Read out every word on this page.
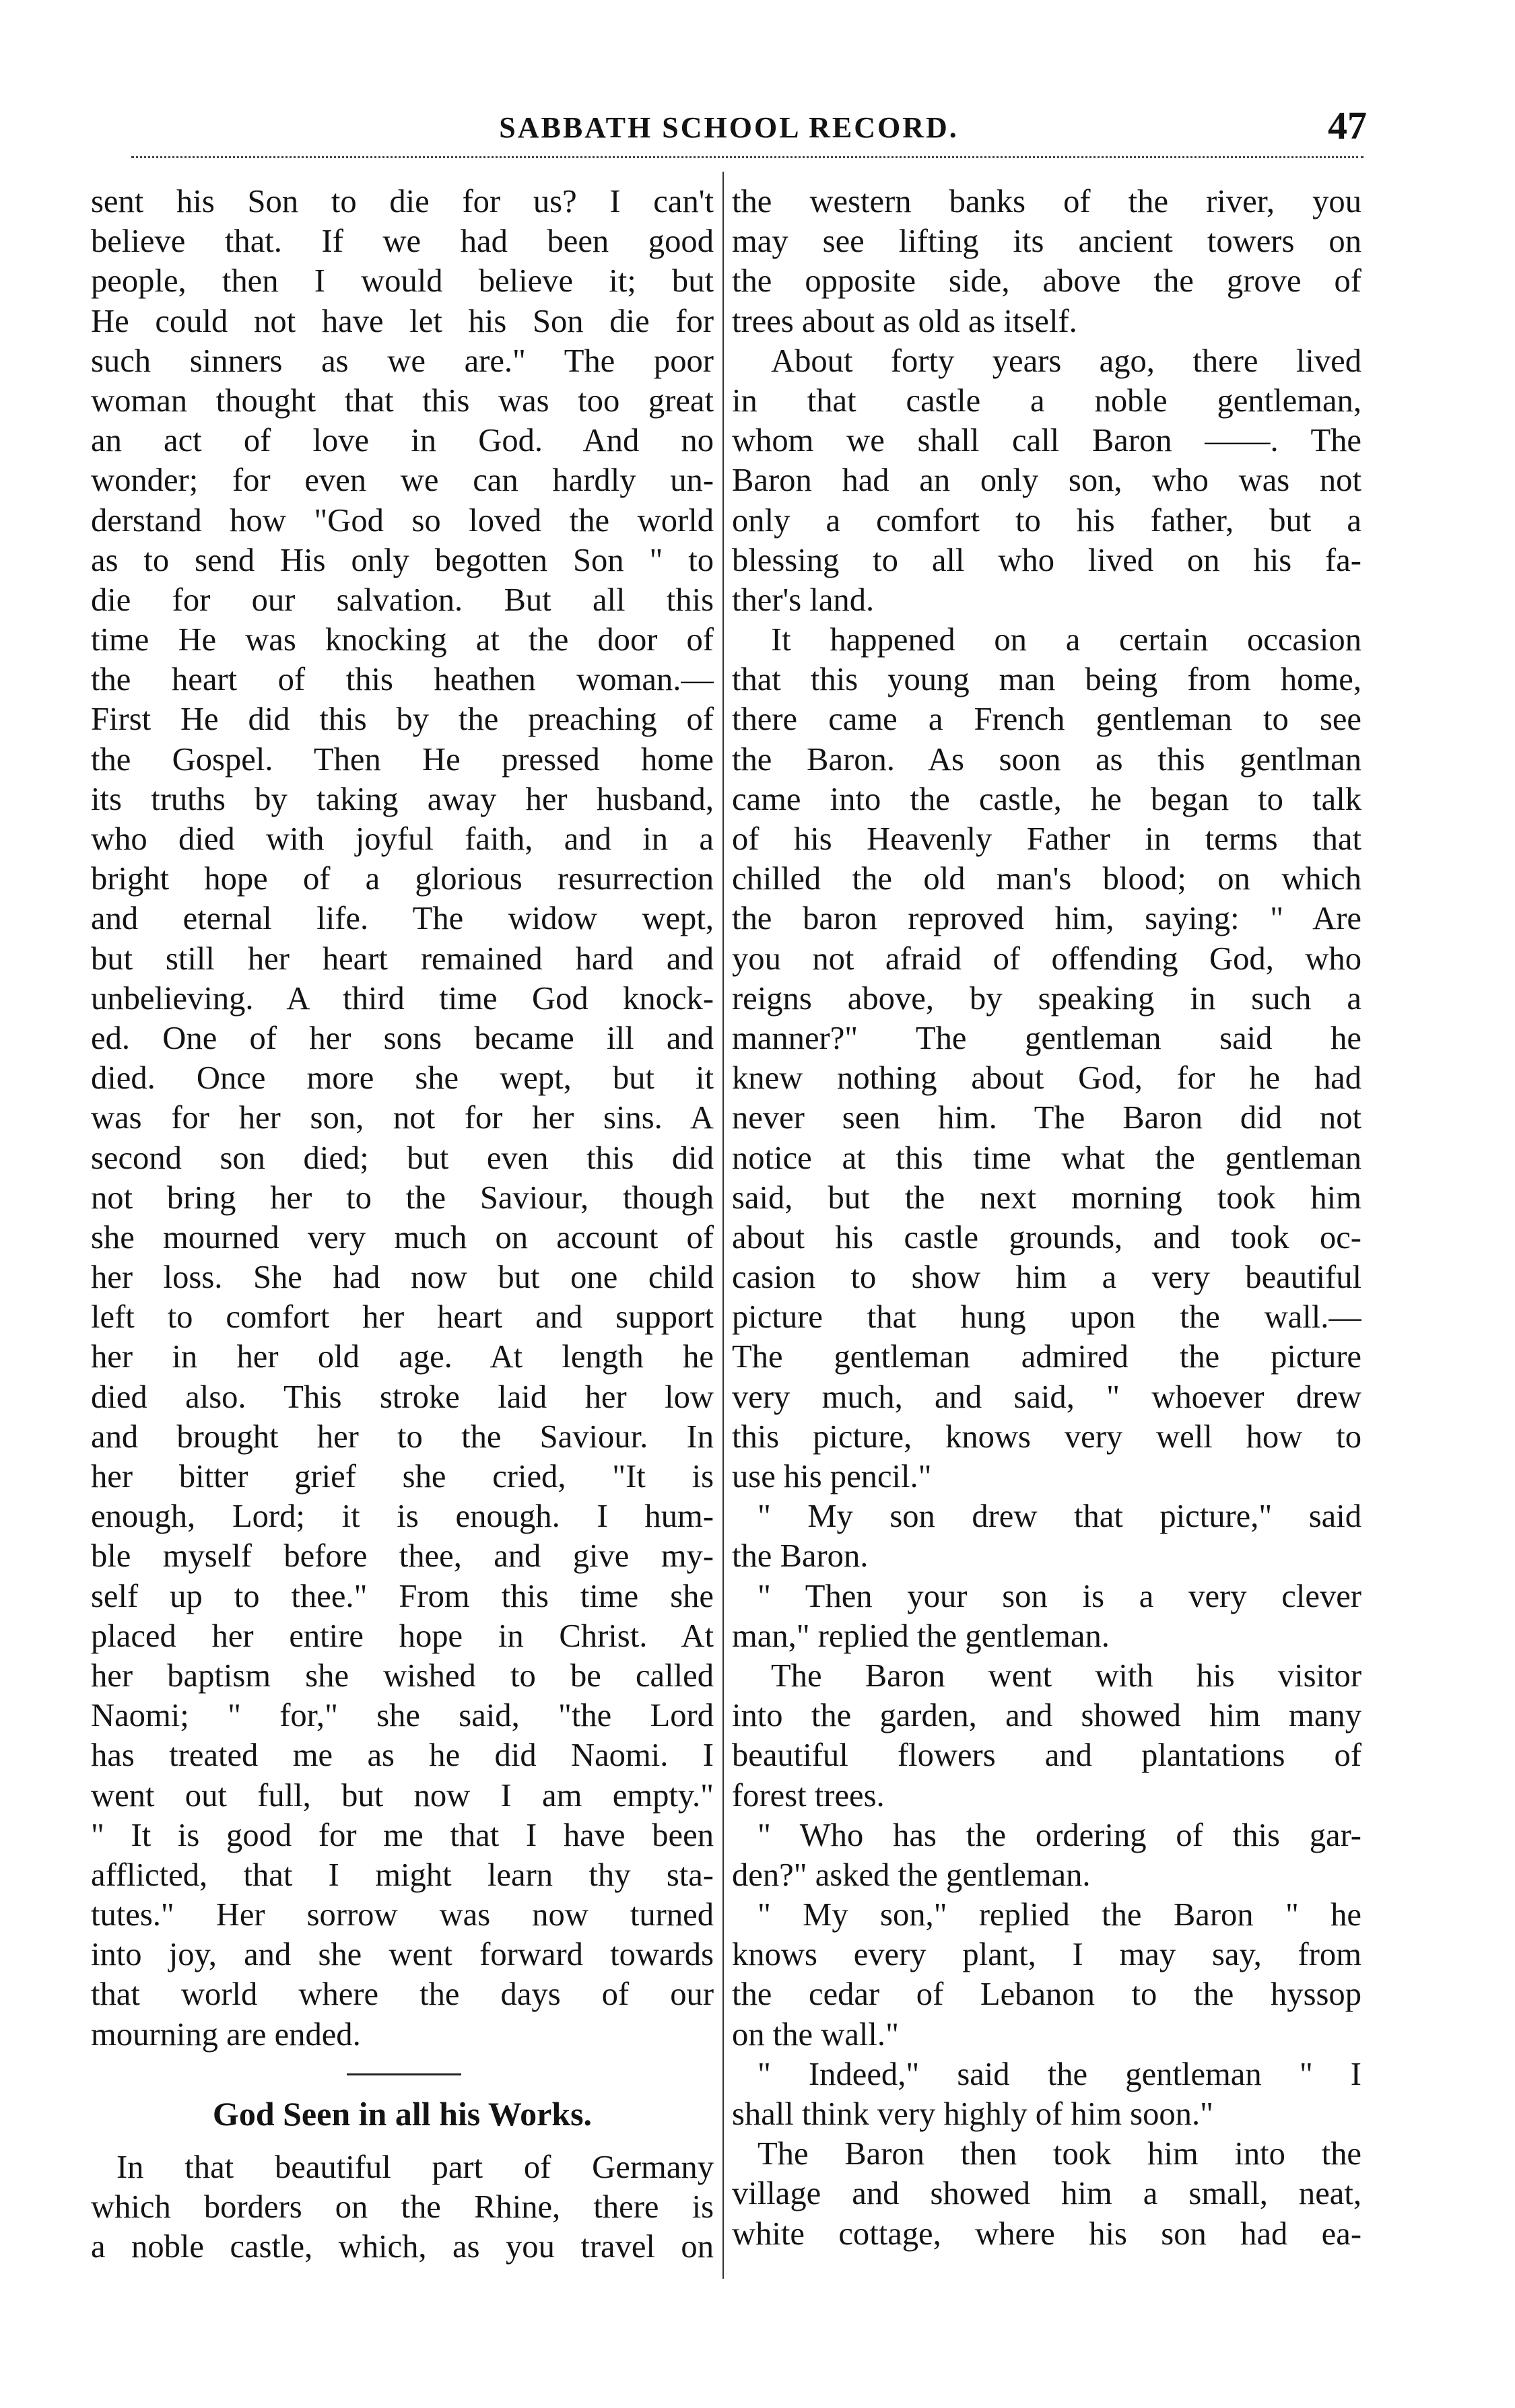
SABBATH SCHOOL RECORD.	47
sent his Son to die for us? I can't
believe that. If we had been good
people, then I would believe it; but
He could not have let his Son die for
such sinners as we are." The poor
woman thought that this was too great
an act of love in God. And no
wonder; for even we can hardly un-
derstand how "God so loved the world
as to send His only begotten Son " to
die for our salvation. But all this
time He was knocking at the door of
the heart of this heathen woman.—
First He did this by the preaching of
the Gospel. Then He pressed home
its truths by taking away her husband,
who died with joyful faith, and in a
bright hope of a glorious resurrection
and eternal life. The widow wept,
but still her heart remained hard and
unbelieving. A third time God knock-
ed. One of her sons became ill and
died. Once more she wept, but it
was for her son, not for her sins. A
second son died; but even this did
not bring her to the Saviour, though
she mourned very much on account of
her loss. She had now but one child
left to comfort her heart and support
her in her old age. At length he
died also. This stroke laid her low
and brought her to the Saviour. In
her bitter grief she cried, "It is
enough, Lord; it is enough. I hum-
ble myself before thee, and give my-
self up to thee." From this time she
placed her entire hope in Christ. At
her baptism she wished to be called
Naomi; " for," she said, "the Lord
has treated me as he did Naomi. I
went out full, but now I am empty."
" It is good for me that I have been
afflicted, that I might learn thy sta-
tutes." Her sorrow was now turned
into joy, and she went forward towards
that world where the days of our
mourning are ended.
God Seen in all his Works.
In that beautiful part of Germany
which borders on the Rhine, there is
a noble castle, which, as you travel on
the western banks of the river, you
may see lifting its ancient towers on
the opposite side, above the grove of
trees about as old as itself.
About forty years ago, there lived
in that castle a noble gentleman,
whom we shall call Baron ——. The
Baron had an only son, who was not
only a comfort to his father, but a
blessing to all who lived on his fa-
ther's land.
It happened on a certain occasion
that this young man being from home,
there came a French gentleman to see
the Baron. As soon as this gentlman
came into the castle, he began to talk
of his Heavenly Father in terms that
chilled the old man's blood; on which
the baron reproved him, saying: " Are
you not afraid of offending God, who
reigns above, by speaking in such a
manner?" The gentleman said he
knew nothing about God, for he had
never seen him. The Baron did not
notice at this time what the gentleman
said, but the next morning took him
about his castle grounds, and took oc-
casion to show him a very beautiful
picture that hung upon the wall.—
The gentleman admired the picture
very much, and said, " whoever drew
this picture, knows very well how to
use his pencil."
" My son drew that picture," said
the Baron.
" Then your son is a very clever
man," replied the gentleman.
The Baron went with his visitor
into the garden, and showed him many
beautiful flowers and plantations of
forest trees.
" Who has the ordering of this gar-
den?" asked the gentleman.
" My son," replied the Baron " he
knows every plant, I may say, from
the cedar of Lebanon to the hyssop
on the wall."
" Indeed," said the gentleman " I
shall think very highly of him soon."
The Baron then took him into the
village and showed him a small, neat,
white cottage, where his son had ea-
